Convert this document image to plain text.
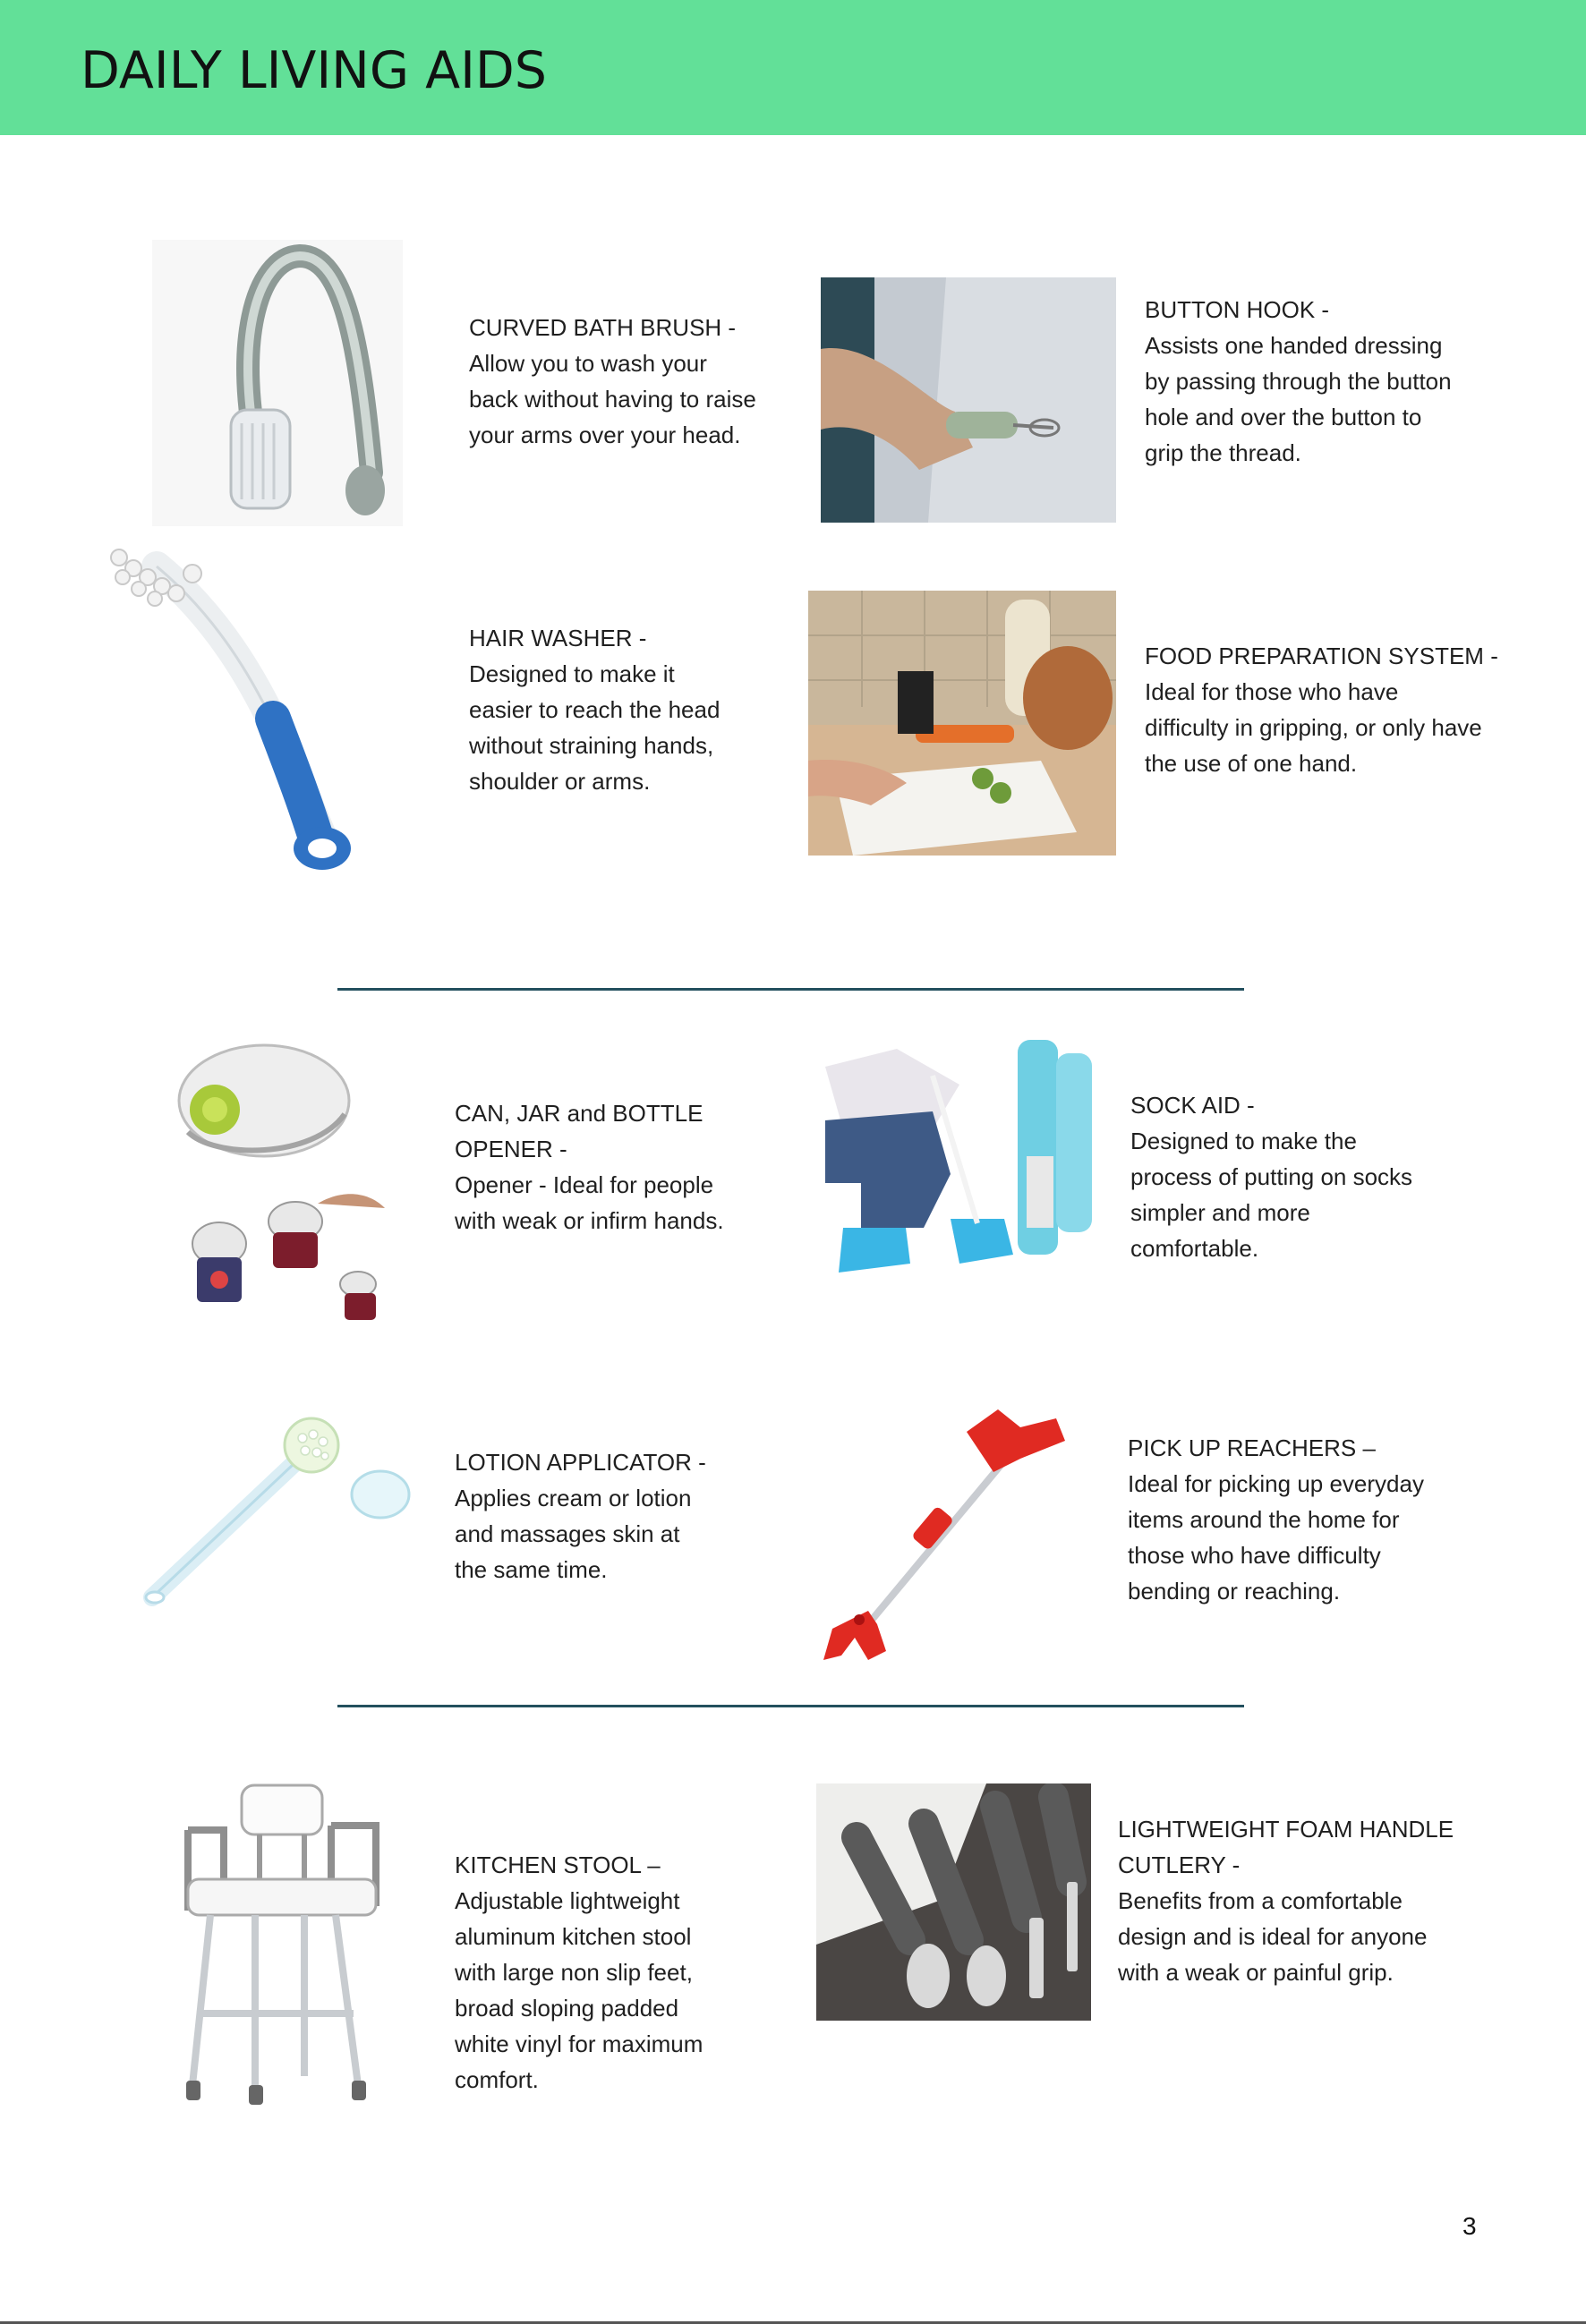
DAILY LIVING AIDS
CURVED BATH BRUSH -
Allow you to wash your
back without having to raise
your arms over your head.
BUTTON HOOK -
Assists one handed dressing
by passing through the button
hole and over the button to
grip the thread.
HAIR WASHER -
Designed to make it
easier to reach the head
without straining hands,
shoulder or arms.
FOOD PREPARATION SYSTEM -
Ideal for those who have
difficulty in gripping, or only have
the use of one hand.
CAN, JAR and BOTTLE
OPENER -
Opener - Ideal for people
with weak or infirm hands.
SOCK AID -
Designed to make the
process of putting on socks
simpler and more
comfortable.
LOTION APPLICATOR -
Applies cream or lotion
and massages skin at
the same time.
PICK UP REACHERS –
Ideal for picking up everyday
items around the home for
those who have difficulty
bending or reaching.
KITCHEN STOOL –
Adjustable lightweight
aluminum kitchen stool
with large non slip feet,
broad sloping padded
white vinyl for maximum
comfort.
LIGHTWEIGHT FOAM HANDLE
CUTLERY -
Benefits from a comfortable
design and is ideal for anyone
with a weak or painful grip.
3
